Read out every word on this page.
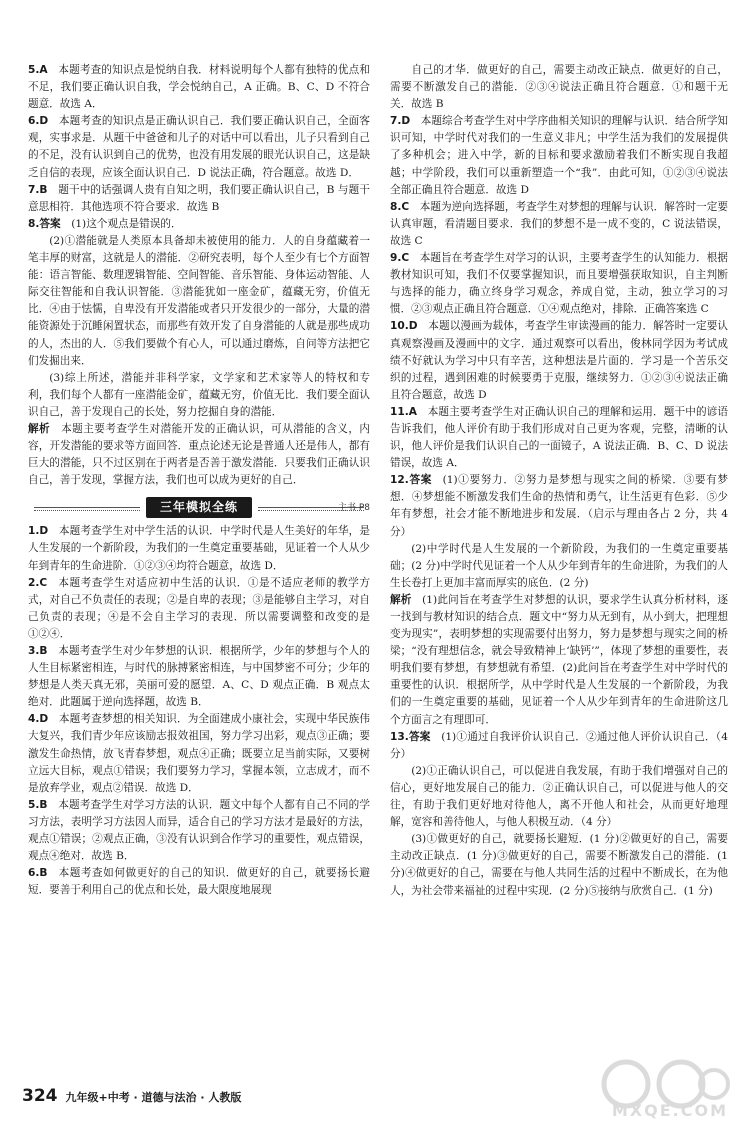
5.A  本题考查的知识点是悦纳自我．材料说明每个人都有独特的优点和不足，我们要正确认识自我，学会悦纳自己，A 正确。B、C、D 不符合题意．故选 A．

6.D  本题考查的知识点是正确认识自己．我们要正确认识自己，全面客观，实事求是．从题干中爸爸和儿子的对话中可以看出，儿子只看到自己的不足，没有认识到自己的优势，也没有用发展的眼光认识自己，这是缺乏自信的表现，应该全面认识自己．D 说法正确，符合题意。故选 D．

7.B  题干中的话强调人贵有自知之明，我们要正确认识自己，B 与题干意思相符．其他选项不符合要求．故选 B

8.答案  (1)这个观点是错误的．

  (2)①潜能就是人类原本具备却未被使用的能力．人的自身蕴藏着一笔丰厚的财富，这就是人的潜能．②研究表明，每个人至少有七个方面智能：语言智能、数理逻辑智能、空间智能、音乐智能、身体运动智能、人际交往智能和自我认识智能．③潜能犹如一座金矿，蕴藏无穷，价值无比．④由于怯懦，自卑没有开发潜能或者只开发很少的一部分，大量的潜能资源处于沉睡闲置状态，而那些有效开发了自身潜能的人就是那些成功的人，杰出的人．⑤我们要做个有心人，可以通过磨炼，自问等方法把它们发掘出来．

  (3)综上所述，潜能并非科学家，文学家和艺术家等人的特权和专利，我们每个人都有一座潜能金矿，蕴藏无穷，价值无比．我们要全面认识自己，善于发现自己的长处，努力挖掘自身的潜能．

解析  本题主要考查学生对潜能开发的正确认识，可从潜能的含义，内容，开发潜能的要求等方面回答．重点论述无论是普通人还是伟人，都有巨大的潜能，只不过区别在于两者是否善于激发潜能．只要我们正确认识自己，善于发现，掌握方法，我们也可以成为更好的自己．

三年模拟全练	主书 P8

1.D  本题考查学生对中学生活的认识．中学时代是人生美好的年华，是人生发展的一个新阶段，为我们的一生奠定重要基础，见证着一个人从少年到青年的生命进阶．①②③④均符合题意，故选 D．

2.C  本题考查学生对适应初中生活的认识．①是不适应老师的教学方式，对自己不负责任的表现；②是自卑的表现；③是能够自主学习，对自己负责的表现；④是不会自主学习的表现．所以需要调整和改变的是①②④．

3.B  本题考查学生对少年梦想的认识．根据所学，少年的梦想与个人的人生目标紧密相连，与时代的脉搏紧密相连，与中国梦密不可分；少年的梦想是人类天真无邪，美丽可爱的愿望．A、C、D 观点正确．B 观点太绝对．此题属于逆向选择题，故选 B．

4.D  本题考查梦想的相关知识．为全面建成小康社会，实现中华民族伟大复兴，我们青少年应该励志报效祖国，努力学习出彩，观点③正确；要激发生命热情，放飞青春梦想，观点④正确；既要立足当前实际，又要树立远大目标，观点①错误；我们要努力学习，掌握本领，立志成才，而不是放弃学业，观点②错误．故选 D．

5.B  本题考查学生对学习方法的认识．题文中每个人都有自己不同的学习方法，表明学习方法因人而异，适合自己的学习方法才是最好的方法，观点①错误；②观点正确，③没有认识到合作学习的重要性，观点错误，观点④绝对．故选 B．

6.B  本题考查如何做更好的自己的知识．做更好的自己，就要扬长避短．要善于利用自己的优点和长处，最大限度地展现

  自己的才华．做更好的自己，需要主动改正缺点．做更好的自己，需要不断激发自己的潜能．②③④说法正确且符合题意．①和题干无关．故选 B

7.D  本题综合考查学生对中学序曲相关知识的理解与认识．结合所学知识可知，中学时代对我们的一生意义非凡；中学生活为我们的发展提供了多种机会；进入中学，新的目标和要求激励着我们不断实现自我超越；中学阶段，我们可以重新塑造一个“我”．由此可知，①②③④说法全部正确且符合题意．故选 D

8.C  本题为逆向选择题，考查学生对梦想的理解与认识．解答时一定要认真审题，看清题目要求．我们的梦想不是一成不变的，C 说法错误，故选 C

9.C  本题旨在考查学生对学习的认识，主要考查学生的认知能力．根据教材知识可知，我们不仅要掌握知识，而且要增强获取知识，自主判断与选择的能力，确立终身学习观念，养成自觉，主动，独立学习的习惯．②③观点正确且符合题意．①④观点绝对，排除．正确答案选 C

10.D  本题以漫画为载体，考查学生审读漫画的能力．解答时一定要认真观察漫画及漫画中的文字．通过观察可以看出，俊林同学因为考试成绩不好就认为学习中只有辛苦，这种想法是片面的．学习是一个苦乐交织的过程，遇到困难的时候要勇于克服，继续努力．①②③④说法正确且符合题意，故选 D

11.A  本题主要考查学生对正确认识自己的理解和运用．题干中的谚语告诉我们，他人评价有助于我们形成对自己更为客观，完整，清晰的认识，他人评价是我们认识自己的一面镜子，A 说法正确．B、C、D 说法错误，故选 A．

12.答案  (1)①要努力．②努力是梦想与现实之间的桥梁．③要有梦想．④梦想能不断激发我们生命的热情和勇气，让生活更有色彩．⑤少年有梦想，社会才能不断地进步和发展．（启示与理由各占 2 分，共 4 分）

  (2)中学时代是人生发展的一个新阶段，为我们的一生奠定重要基础；(2 分)中学时代见证着一个人从少年到青年的生命进阶，为我们的人生长卷打上更加丰富而厚实的底色．(2 分)

解析  (1)此问旨在考查学生对梦想的认识，要求学生认真分析材料，逐一找到与教材知识的结合点．题文中“努力从无到有，从小到大，把理想变为现实”，表明梦想的实现需要付出努力，努力是梦想与现实之间的桥梁；“没有理想信念，就会导致精神上‘缺钙’”，体现了梦想的重要性，表明我们要有梦想，有梦想就有希望．(2)此问旨在考查学生对中学时代的重要性的认识．根据所学，从中学时代是人生发展的一个新阶段，为我们的一生奠定重要的基础，见证着一个人从少年到青年的生命进阶这几个方面言之有理即可．

13.答案  (1)①通过自我评价认识自己．②通过他人评价认识自己．（4 分）

  (2)①正确认识自己，可以促进自我发展，有助于我们增强对自己的信心，更好地发展自己的能力．②正确认识自己，可以促进与他人的交往，有助于我们更好地对待他人，离不开他人和社会，从而更好地理解，宽容和善待他人，与他人积极互动．（4 分）

  (3)①做更好的自己，就要扬长避短．(1 分)②做更好的自己，需要主动改正缺点．(1 分)③做更好的自己，需要不断激发自己的潜能．(1 分)④做更好的自己，需要在与他人共同生活的过程中不断成长，在为他人，为社会带来福祉的过程中实现．(2 分)⑤接纳与欣赏自己．(1 分)

324 九年级+中考 · 道德与法治 · 人教版
MXQE.COM
